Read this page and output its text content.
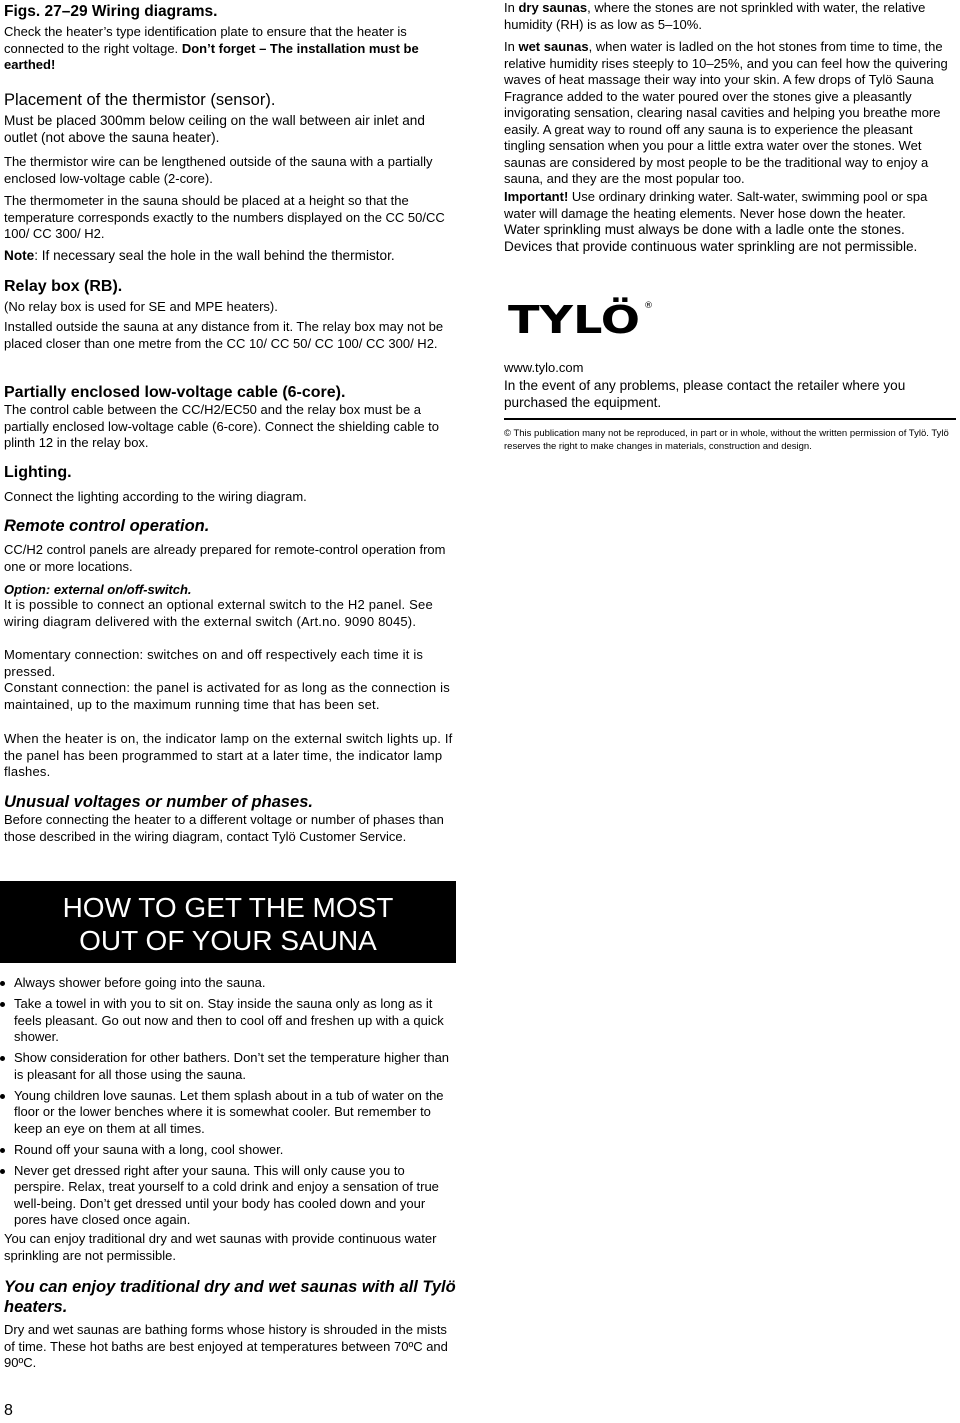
Figs. 27–29 Wiring diagrams.

Check the heater’s type identification plate to ensure that the heater is connected to the right voltage. Don’t forget – The installation must be earthed!

Placement of the thermistor (sensor).

Must be placed 300mm below ceiling on the wall between air inlet and outlet (not above the sauna heater).

The thermistor wire can be lengthened outside of the sauna with a partially enclosed low-voltage cable (2-core).

The thermometer in the sauna should be placed at a height so that the temperature corresponds exactly to the numbers displayed on the CC 50/CC 100/ CC 300/ H2.

Note: If necessary seal the hole in the wall behind the thermistor.

Relay box (RB).

(No relay box is used for SE and MPE heaters).

Installed outside the sauna at any distance from it. The relay box may not be placed closer than one metre from the CC 10/ CC 50/ CC 100/ CC 300/ H2.

Partially enclosed low-voltage cable (6-core).

The control cable between the CC/H2/EC50 and the relay box must be a partially enclosed low-voltage cable (6-core). Connect the shielding cable to plinth 12 in the relay box.

Lighting.

Connect the lighting according to the wiring diagram.

Remote control operation.

CC/H2 control panels are already prepared for remote-control operation from one or more locations.

Option: external on/off-switch.

It is possible to connect an optional external switch to the H2 panel. See wiring diagram delivered with the external switch (Art.no. 9090 8045).

Momentary connection: switches on and off respectively each time it is pressed.

Constant connection: the panel is activated for as long as the connection is maintained, up to the maximum running time that has been set.

When the heater is on, the indicator lamp on the external switch lights up. If the panel has been programmed to start at a later time, the indicator lamp flashes.

Unusual voltages or number of phases.

Before connecting the heater to a different voltage or number of phases than those described in the wiring diagram, contact Tylö Customer Service.

HOW TO GET THE MOST
OUT OF YOUR SAUNA
Always shower before going into the sauna.
Take a towel in with you to sit on. Stay inside the sauna only as long as it feels pleasant. Go out now and then to cool off and freshen up with a quick shower.
Show consideration for other bathers. Don’t set the temperature higher than is pleasant for all those using the sauna.
Young children love saunas. Let them splash about in a tub of water on the floor or the lower benches where it is somewhat cooler. But remember to keep an eye on them at all times.
Round off your sauna with a long, cool shower.
Never get dressed right after your sauna. This will only cause you to perspire. Relax, treat yourself to a cold drink and enjoy a sensation of true well-being. Don’t get dressed until your body has cooled down and your pores have closed once again.

You can enjoy traditional dry and wet saunas with provide continuous water sprinkling are not permissible.

You can enjoy traditional dry and wet saunas with all Tylö heaters.

Dry and wet saunas are bathing forms whose history is shrouded in the mists of time. These hot baths are best enjoyed at temperatures between 70ºC and 90ºC.

8

In dry saunas, where the stones are not sprinkled with water, the relative humidity (RH) is as low as 5–10%.

In wet saunas, when water is ladled on the hot stones from time to time, the relative humidity rises steeply to 10–25%, and you can feel how the quivering waves of heat massage their way into your skin. A few drops of Tylö Sauna Fragrance added to the water poured over the stones give a pleasantly invigorating sensation, clearing nasal cavities and helping you breathe more easily. A great way to round off any sauna is to experience the pleasant tingling sensation when you pour a little extra water over the stones. Wet saunas are considered by most people to be the traditional way to enjoy a sauna, and they are the most popular too.

Important! Use ordinary drinking water. Salt-water, swimming pool or spa water will damage the heating elements. Never hose down the heater.

Water sprinkling must always be done with a ladle onte the stones. Devices that provide continuous water sprinkling are not permissible.

TYLÖ ®

www.tylo.com

In the event of any problems, please contact the retailer where you purchased the equipment.

© This publication many not be reproduced, in part or in whole, without the written permission of Tylö. Tylö reserves the right to make changes in materials, construction and design.
